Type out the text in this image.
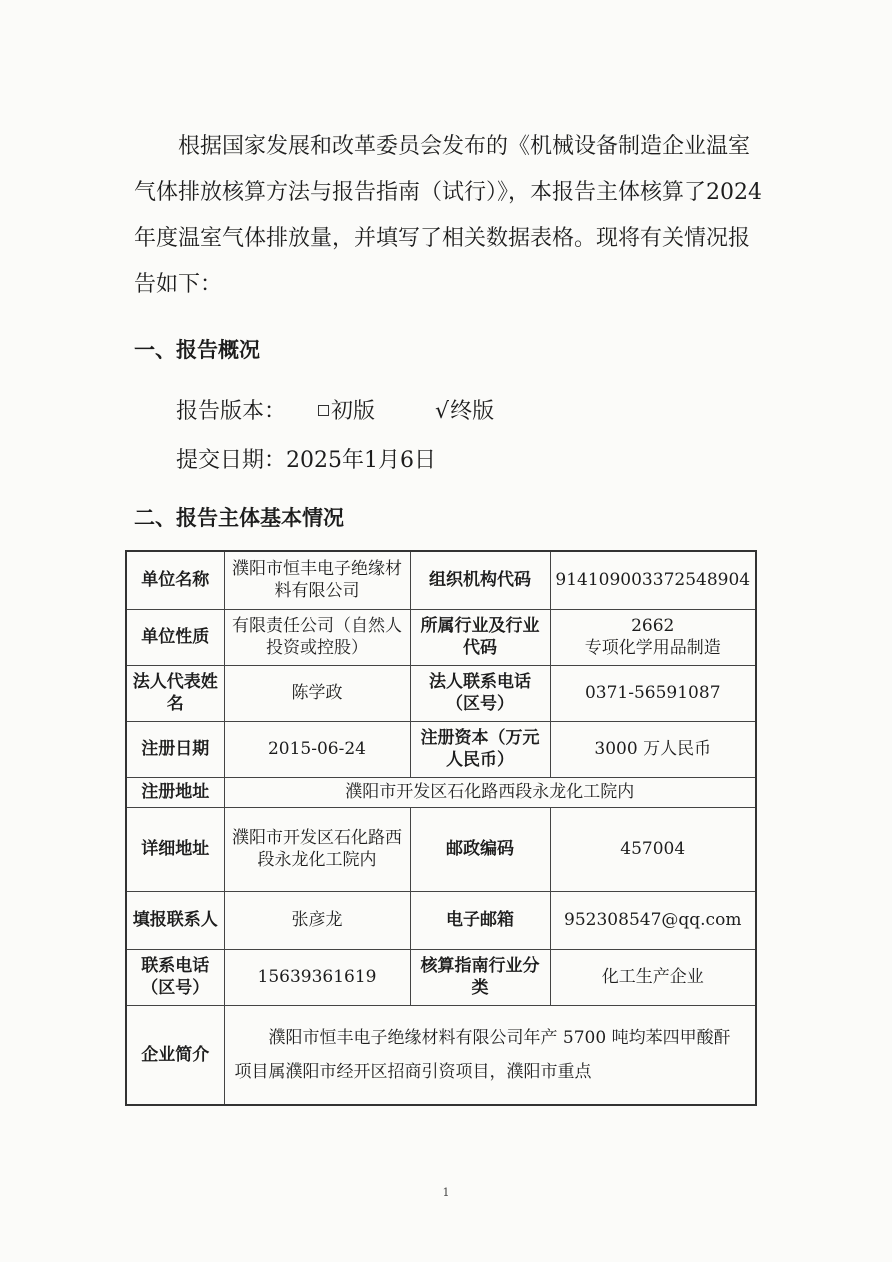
根据国家发展和改革委员会发布的《机械设备制造企业温室气体排放核算方法与报告指南（试行）》，本报告主体核算了2024年度温室气体排放量，并填写了相关数据表格。现将有关情况报告如下：

一、报告概况

报告版本： 初版	√终版

提交日期：2025年1月6日

二、报告主体基本情况
单位名称	濮阳市恒丰电子绝缘材料有限公司	组织机构代码	914109003372548904
单位性质	有限责任公司（自然人投资或控股）	所属行业及行业代码	2662
专项化学用品制造

法人代表姓名	陈学政	法人联系电话（区号）	0371-56591087
注册日期	2015-06-24	注册资本（万元人民币）	3000 万人民币
注册地址	濮阳市开发区石化路西段永龙化工院内		
详细地址	濮阳市开发区石化路西段永龙化工院内	邮政编码	457004
填报联系人	张彦龙	电子邮箱	952308547@qq.com
联系电话（区号）	15639361619	核算指南行业分类	化工生产企业
企业简介	濮阳市恒丰电子绝缘材料有限公司年产 5700 吨均苯四甲酸酐项目属濮阳市经开区招商引资项目，濮阳市重点		
1
